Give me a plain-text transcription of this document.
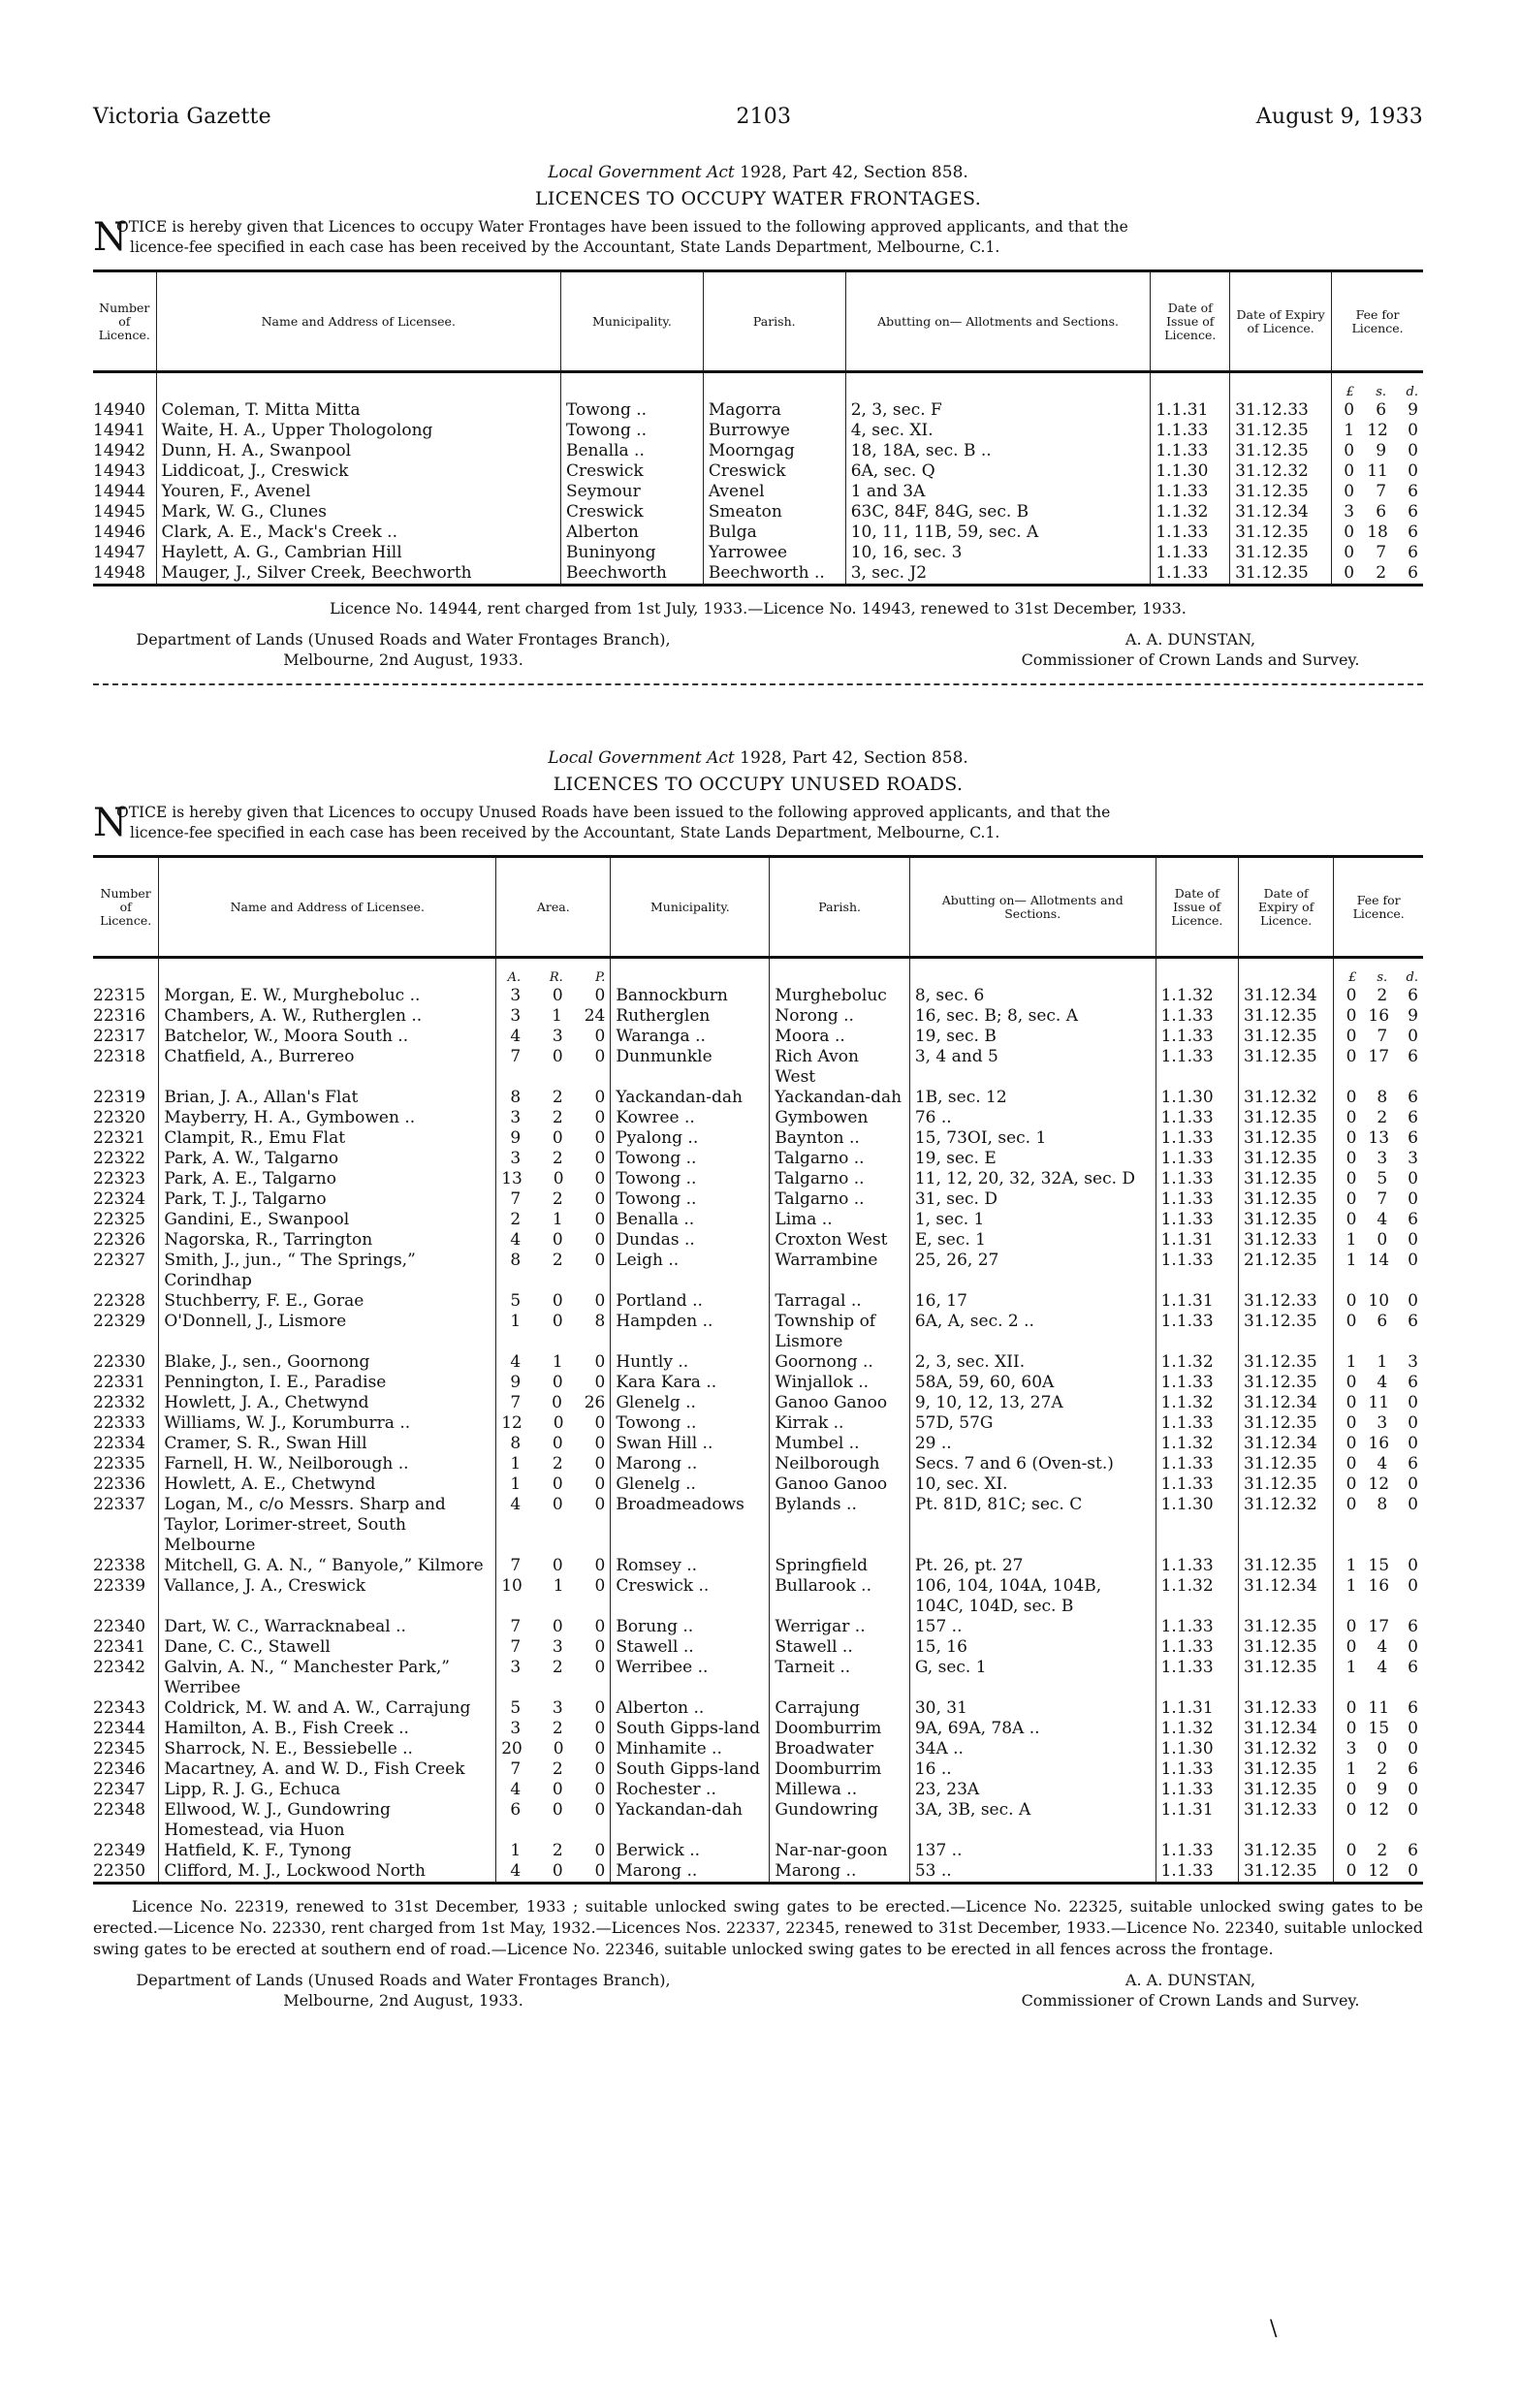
Victoria Gazette	2103	August 9, 1933
Local Government Act 1928, Part 42, Section 858.
LICENCES TO OCCUPY WATER FRONTAGES.
N
OTICE is hereby given that Licences to occupy Water Frontages have been issued to the following approved applicants, and that the
licence-fee specified in each case has been received by the Accountant, State Lands Department, Melbourne, C.1.
Number of Licence.	Name and Address of Licensee.	Municipality.	Parish.	Abutting on— Allotments and Sections.	Date of Issue of Licence.	Date of Expiry of Licence.	Fee for Licence.

							£ s. d.

14940	Coleman, T. Mitta Mitta	Towong ..	Magorra	2, 3, sec. F	1.1.31	31.12.33	0 6 9

14941	Waite, H. A., Upper Thologolong	Towong ..	Burrowye	4, sec. XI.	1.1.33	31.12.35	1 12 0

14942	Dunn, H. A., Swanpool	Benalla ..	Moorngag	18, 18A, sec. B ..	1.1.33	31.12.35	0 9 0

14943	Liddicoat, J., Creswick	Creswick	Creswick	6A, sec. Q	1.1.30	31.12.32	0 11 0

14944	Youren, F., Avenel	Seymour	Avenel	1 and 3A	1.1.33	31.12.35	0 7 6

14945	Mark, W. G., Clunes	Creswick	Smeaton	63C, 84F, 84G, sec. B	1.1.32	31.12.34	3 6 6

14946	Clark, A. E., Mack's Creek ..	Alberton	Bulga	10, 11, 11B, 59, sec. A	1.1.33	31.12.35	0 18 6

14947	Haylett, A. G., Cambrian Hill	Buninyong	Yarrowee	10, 16, sec. 3	1.1.33	31.12.35	0 7 6

14948	Mauger, J., Silver Creek, Beechworth	Beechworth	Beechworth ..	3, sec. J2	1.1.33	31.12.35	0 2 6

Licence No. 14944, rent charged from 1st July, 1933.—Licence No. 14943, renewed to 31st December, 1933.
Department of Lands (Unused Roads and Water Frontages Branch),
Melbourne, 2nd August, 1933.
A. A. DUNSTAN,
Commissioner of Crown Lands and Survey.
Local Government Act 1928, Part 42, Section 858.
LICENCES TO OCCUPY UNUSED ROADS.
N
OTICE is hereby given that Licences to occupy Unused Roads have been issued to the following approved applicants, and that the
licence-fee specified in each case has been received by the Accountant, State Lands Department, Melbourne, C.1.
Number of Licence.	Name and Address of Licensee.	Area.	Municipality.	Parish.	Abutting on— Allotments and Sections.	Date of Issue of Licence.	Date of Expiry of Licence.	Fee for Licence.

		A. R. P.						£ s. d.

22315	Morgan, E. W., Murgheboluc ..	3 0 0	Bannockburn	Murgheboluc	8, sec. 6	1.1.32	31.12.34	0 2 6

22316	Chambers, A. W., Rutherglen ..	3 1 24	Rutherglen	Norong ..	16, sec. B; 8, sec. A	1.1.33	31.12.35	0 16 9

22317	Batchelor, W., Moora South ..	4 3 0	Waranga ..	Moora ..	19, sec. B	1.1.33	31.12.35	0 7 0

22318	Chatfield, A., Burrereo	7 0 0	Dunmunkle	Rich Avon West	3, 4 and 5	1.1.33	31.12.35	0 17 6

22319	Brian, J. A., Allan's Flat	8 2 0	Yackandan-dah	Yackandan-dah	1B, sec. 12	1.1.30	31.12.32	0 8 6

22320	Mayberry, H. A., Gymbowen ..	3 2 0	Kowree ..	Gymbowen	76 ..	1.1.33	31.12.35	0 2 6

22321	Clampit, R., Emu Flat	9 0 0	Pyalong ..	Baynton ..	15, 73OI, sec. 1	1.1.33	31.12.35	0 13 6

22322	Park, A. W., Talgarno	3 2 0	Towong ..	Talgarno ..	19, sec. E	1.1.33	31.12.35	0 3 3

22323	Park, A. E., Talgarno	13 0 0	Towong ..	Talgarno ..	11, 12, 20, 32, 32A, sec. D	1.1.33	31.12.35	0 5 0

22324	Park, T. J., Talgarno	7 2 0	Towong ..	Talgarno ..	31, sec. D	1.1.33	31.12.35	0 7 0

22325	Gandini, E., Swanpool	2 1 0	Benalla ..	Lima ..	1, sec. 1	1.1.33	31.12.35	0 4 6

22326	Nagorska, R., Tarrington	4 0 0	Dundas ..	Croxton West	E, sec. 1	1.1.31	31.12.33	1 0 0

22327	Smith, J., jun., “ The Springs,” Corindhap	8 2 0	Leigh ..	Warrambine	25, 26, 27	1.1.33	21.12.35	1 14 0

22328	Stuchberry, F. E., Gorae	5 0 0	Portland ..	Tarragal ..	16, 17	1.1.31	31.12.33	0 10 0

22329	O'Donnell, J., Lismore	1 0 8	Hampden ..	Township of Lismore	6A, A, sec. 2 ..	1.1.33	31.12.35	0 6 6

22330	Blake, J., sen., Goornong	4 1 0	Huntly ..	Goornong ..	2, 3, sec. XII.	1.1.32	31.12.35	1 1 3

22331	Pennington, I. E., Paradise	9 0 0	Kara Kara ..	Winjallok ..	58A, 59, 60, 60A	1.1.33	31.12.35	0 4 6

22332	Howlett, J. A., Chetwynd	7 0 26	Glenelg ..	Ganoo Ganoo	9, 10, 12, 13, 27A	1.1.32	31.12.34	0 11 0

22333	Williams, W. J., Korumburra ..	12 0 0	Towong ..	Kirrak ..	57D, 57G	1.1.33	31.12.35	0 3 0

22334	Cramer, S. R., Swan Hill	8 0 0	Swan Hill ..	Mumbel ..	29 ..	1.1.32	31.12.34	0 16 0

22335	Farnell, H. W., Neilborough ..	1 2 0	Marong ..	Neilborough	Secs. 7 and 6 (Oven-st.)	1.1.33	31.12.35	0 4 6

22336	Howlett, A. E., Chetwynd	1 0 0	Glenelg ..	Ganoo Ganoo	10, sec. XI.	1.1.33	31.12.35	0 12 0

22337	Logan, M., c/o Messrs. Sharp and Taylor, Lorimer-street, South Melbourne	4 0 0	Broadmeadows	Bylands ..	Pt. 81D, 81C; sec. C	1.1.30	31.12.32	0 8 0

22338	Mitchell, G. A. N., “ Banyole,” Kilmore	7 0 0	Romsey ..	Springfield	Pt. 26, pt. 27	1.1.33	31.12.35	1 15 0

22339	Vallance, J. A., Creswick	10 1 0	Creswick ..	Bullarook ..	106, 104, 104A, 104B, 104C, 104D, sec. B	1.1.32	31.12.34	1 16 0

22340	Dart, W. C., Warracknabeal ..	7 0 0	Borung ..	Werrigar ..	157 ..	1.1.33	31.12.35	0 17 6

22341	Dane, C. C., Stawell	7 3 0	Stawell ..	Stawell ..	15, 16	1.1.33	31.12.35	0 4 0

22342	Galvin, A. N., “ Manchester Park,” Werribee	3 2 0	Werribee ..	Tarneit ..	G, sec. 1	1.1.33	31.12.35	1 4 6

22343	Coldrick, M. W. and A. W., Carrajung	5 3 0	Alberton ..	Carrajung	30, 31	1.1.31	31.12.33	0 11 6

22344	Hamilton, A. B., Fish Creek ..	3 2 0	South Gipps-land	Doomburrim	9A, 69A, 78A ..	1.1.32	31.12.34	0 15 0

22345	Sharrock, N. E., Bessiebelle ..	20 0 0	Minhamite ..	Broadwater	34A ..	1.1.30	31.12.32	3 0 0

22346	Macartney, A. and W. D., Fish Creek	7 2 0	South Gipps-land	Doomburrim	16 ..	1.1.33	31.12.35	1 2 6

22347	Lipp, R. J. G., Echuca	4 0 0	Rochester ..	Millewa ..	23, 23A	1.1.33	31.12.35	0 9 0

22348	Ellwood, W. J., Gundowring Homestead, via Huon	6 0 0	Yackandan-dah	Gundowring	3A, 3B, sec. A	1.1.31	31.12.33	0 12 0

22349	Hatfield, K. F., Tynong	1 2 0	Berwick ..	Nar-nar-goon	137 ..	1.1.33	31.12.35	0 2 6

22350	Clifford, M. J., Lockwood North	4 0 0	Marong ..	Marong ..	53 ..	1.1.33	31.12.35	0 12 0

Licence No. 22319, renewed to 31st December, 1933 ; suitable unlocked swing gates to be erected.—Licence No. 22325, suitable unlocked swing gates to be erected.—Licence No. 22330, rent charged from 1st May, 1932.—Licences Nos. 22337, 22345, renewed to 31st December, 1933.—Licence No. 22340, suitable unlocked swing gates to be erected at southern end of road.—Licence No. 22346, suitable unlocked swing gates to be erected in all fences across the frontage.
Department of Lands (Unused Roads and Water Frontages Branch),
Melbourne, 2nd August, 1933.
A. A. DUNSTAN,
Commissioner of Crown Lands and Survey.
\
